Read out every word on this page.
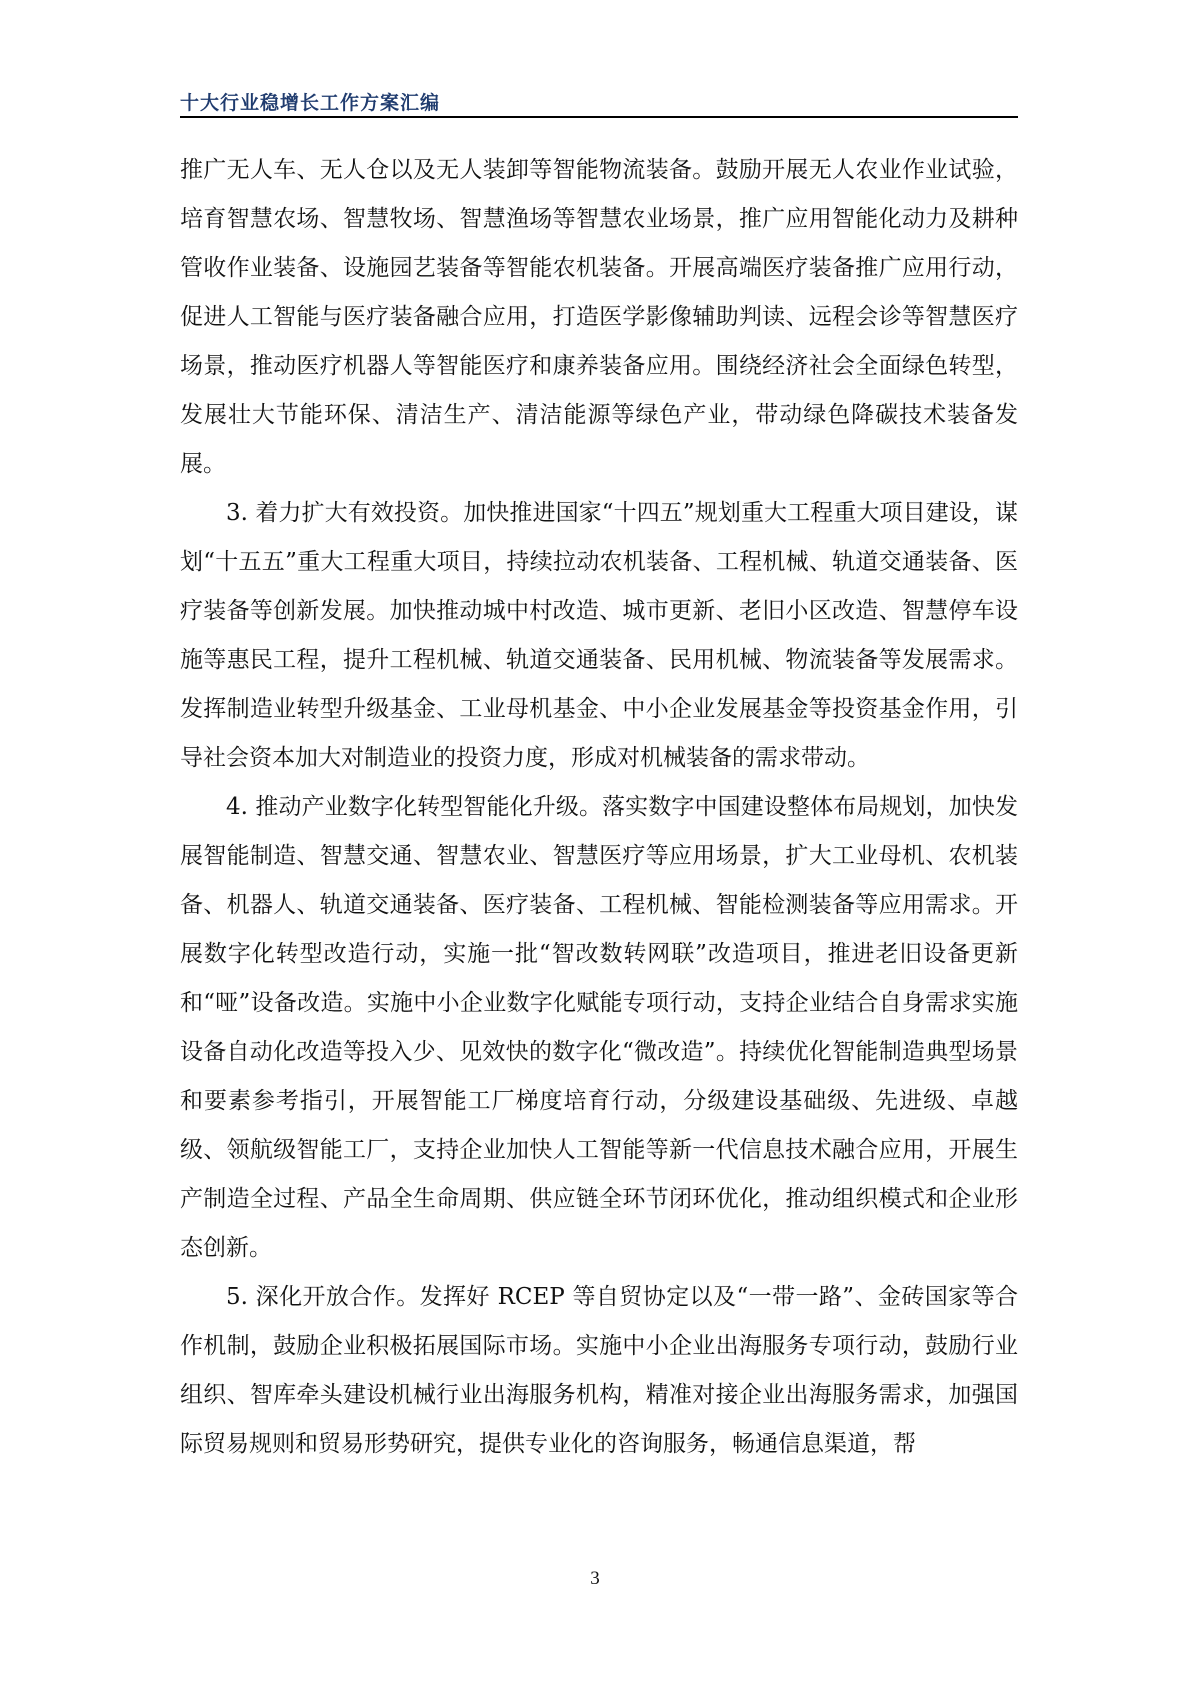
十大行业稳增长工作方案汇编

推广无人车、无人仓以及无人装卸等智能物流装备。鼓励开展无人农业作业试验，培育智慧农场、智慧牧场、智慧渔场等智慧农业场景，推广应用智能化动力及耕种管收作业装备、设施园艺装备等智能农机装备。开展高端医疗装备推广应用行动，促进人工智能与医疗装备融合应用，打造医学影像辅助判读、远程会诊等智慧医疗场景，推动医疗机器人等智能医疗和康养装备应用。围绕经济社会全面绿色转型，发展壮大节能环保、清洁生产、清洁能源等绿色产业，带动绿色降碳技术装备发展。

3. 着力扩大有效投资。加快推进国家“十四五”规划重大工程重大项目建设，谋划“十五五”重大工程重大项目，持续拉动农机装备、工程机械、轨道交通装备、医疗装备等创新发展。加快推动城中村改造、城市更新、老旧小区改造、智慧停车设施等惠民工程，提升工程机械、轨道交通装备、民用机械、物流装备等发展需求。发挥制造业转型升级基金、工业母机基金、中小企业发展基金等投资基金作用，引导社会资本加大对制造业的投资力度，形成对机械装备的需求带动。

4. 推动产业数字化转型智能化升级。落实数字中国建设整体布局规划，加快发展智能制造、智慧交通、智慧农业、智慧医疗等应用场景，扩大工业母机、农机装备、机器人、轨道交通装备、医疗装备、工程机械、智能检测装备等应用需求。开展数字化转型改造行动，实施一批“智改数转网联”改造项目，推进老旧设备更新和“哑”设备改造。实施中小企业数字化赋能专项行动，支持企业结合自身需求实施设备自动化改造等投入少、见效快的数字化“微改造”。持续优化智能制造典型场景和要素参考指引，开展智能工厂梯度培育行动，分级建设基础级、先进级、卓越级、领航级智能工厂，支持企业加快人工智能等新一代信息技术融合应用，开展生产制造全过程、产品全生命周期、供应链全环节闭环优化，推动组织模式和企业形态创新。

5. 深化开放合作。发挥好 RCEP 等自贸协定以及“一带一路”、金砖国家等合作机制，鼓励企业积极拓展国际市场。实施中小企业出海服务专项行动，鼓励行业组织、智库牵头建设机械行业出海服务机构，精准对接企业出海服务需求，加强国际贸易规则和贸易形势研究，提供专业化的咨询服务，畅通信息渠道，帮

3
